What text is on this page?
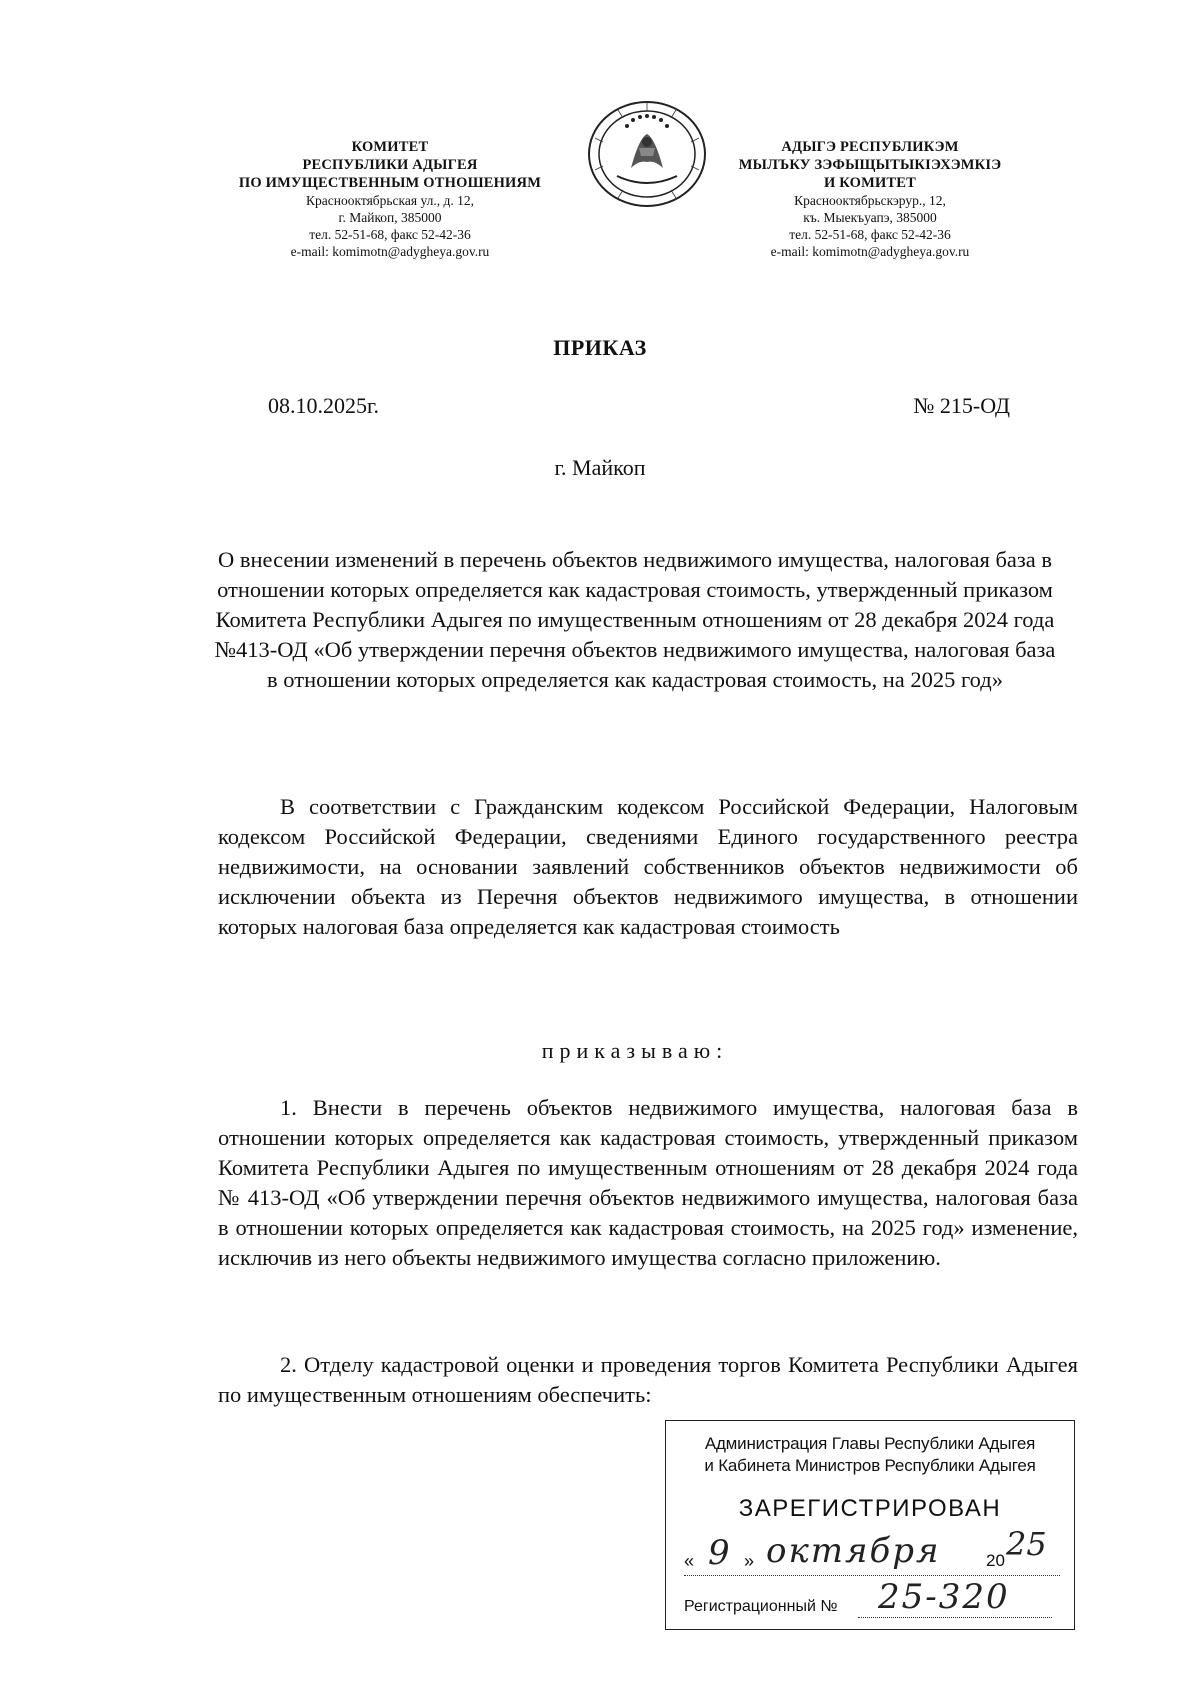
КОМИТЕТ
РЕСПУБЛИКИ АДЫГЕЯ
ПО ИМУЩЕСТВЕННЫМ ОТНОШЕНИЯМ
Краснооктябрьская ул., д. 12,
г. Майкоп, 385000
тел. 52-51-68, факс 52-42-36
e-mail: komimotn@adygheya.gov.ru
АДЫГЭ РЕСПУБЛИКЭМ
МЫЛЪКУ ЗЭФЫЩЫТЫКIЭХЭМКIЭ
И КОМИТЕТ
Краснооктябрьскэрур., 12,
къ. Мыекъуапэ, 385000
тел. 52-51-68, факс 52-42-36
e-mail: komimotn@adygheya.gov.ru
ПРИКАЗ
08.10.2025г.	№ 215-ОД
г. Майкоп
О внесении изменений в перечень объектов недвижимого имущества, налоговая база в отношении которых определяется как кадастровая стоимость, утвержденный приказом Комитета Республики Адыгея по имущественным отношениям от 28 декабря 2024 года №413-ОД «Об утверждении перечня объектов недвижимого имущества, налоговая база в отношении которых определяется как кадастровая стоимость, на 2025 год»
В соответствии с Гражданским кодексом Российской Федерации, Налоговым кодексом Российской Федерации, сведениями Единого государственного реестра недвижимости, на основании заявлений собственников объектов недвижимости об исключении объекта из Перечня объектов недвижимого имущества, в отношении которых налоговая база определяется как кадастровая стоимость
приказываю:
1. Внести в перечень объектов недвижимого имущества, налоговая база в отношении которых определяется как кадастровая стоимость, утвержденный приказом Комитета Республики Адыгея по имущественным отношениям от 28 декабря 2024 года № 413-ОД «Об утверждении перечня объектов недвижимого имущества, налоговая база в отношении которых определяется как кадастровая стоимость, на 2025 год» изменение, исключив из него объекты недвижимого имущества согласно приложению.
2. Отделу кадастровой оценки и проведения торгов Комитета Республики Адыгея по имущественным отношениям обеспечить:
Администрация Главы Республики Адыгея
и Кабинета Министров Республики Адыгея
ЗАРЕГИСТРИРОВАН
« 9 » октября	20 25
Регистрационный № 25-320
